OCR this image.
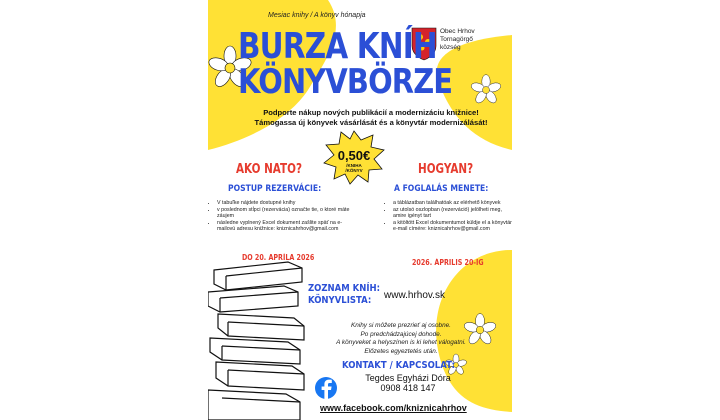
Mesiac knihy / A könyv hónapja
Obec Hrhov
Tornagörgő
község
BURZA KNÍH
KÖNYVBÖRZE
Podporte nákup nových publikácií a modernizáciu knižnice!
Támogassa új könyvek vásárlását és a könyvtár modernizálását!
0,50€
/KNIHA /KÖNYV
AKO NATO?
POSTUP REZERVÁCIE:
• V tabuľke nájdete dostupné knihy
• v poslednom stĺpci (rezervácia) označte tie, o ktoré máte záujem
• následne vyplnený Excel dokument zašlite späť na e-mailovú adresu knižnice: kniznicahrhov@gmail.com
DO 20. APRÍLA 2026
HOGYAN?
A FOGLALÁS MENETE:
• a táblázatban találhatóak az elérhető könyvek
• az utolsó oszlopban (rezerváció) jelölheti meg, amire igényt tart
• a kitöltött Excel dokumentumot küldje el a könyvtár e-mail címére: kniznicahrhov@gmail.com
2026. ÁPRILIS 20-IG
ZOZNAM KNÍH:
KÖNYVLISTA:	www.hrhov.sk
Knihy si môžete prezrieť aj osobne.
Po predchádzajúcej dohode.
A könyveket a helyszínen is ki lehet válogatni.
Előzetes egyeztetés után.
KONTAKT / KAPCSOLAT:
Tegdes Egyházi Dóra
0908 418 147
www.facebook.com/kniznicahrhov
